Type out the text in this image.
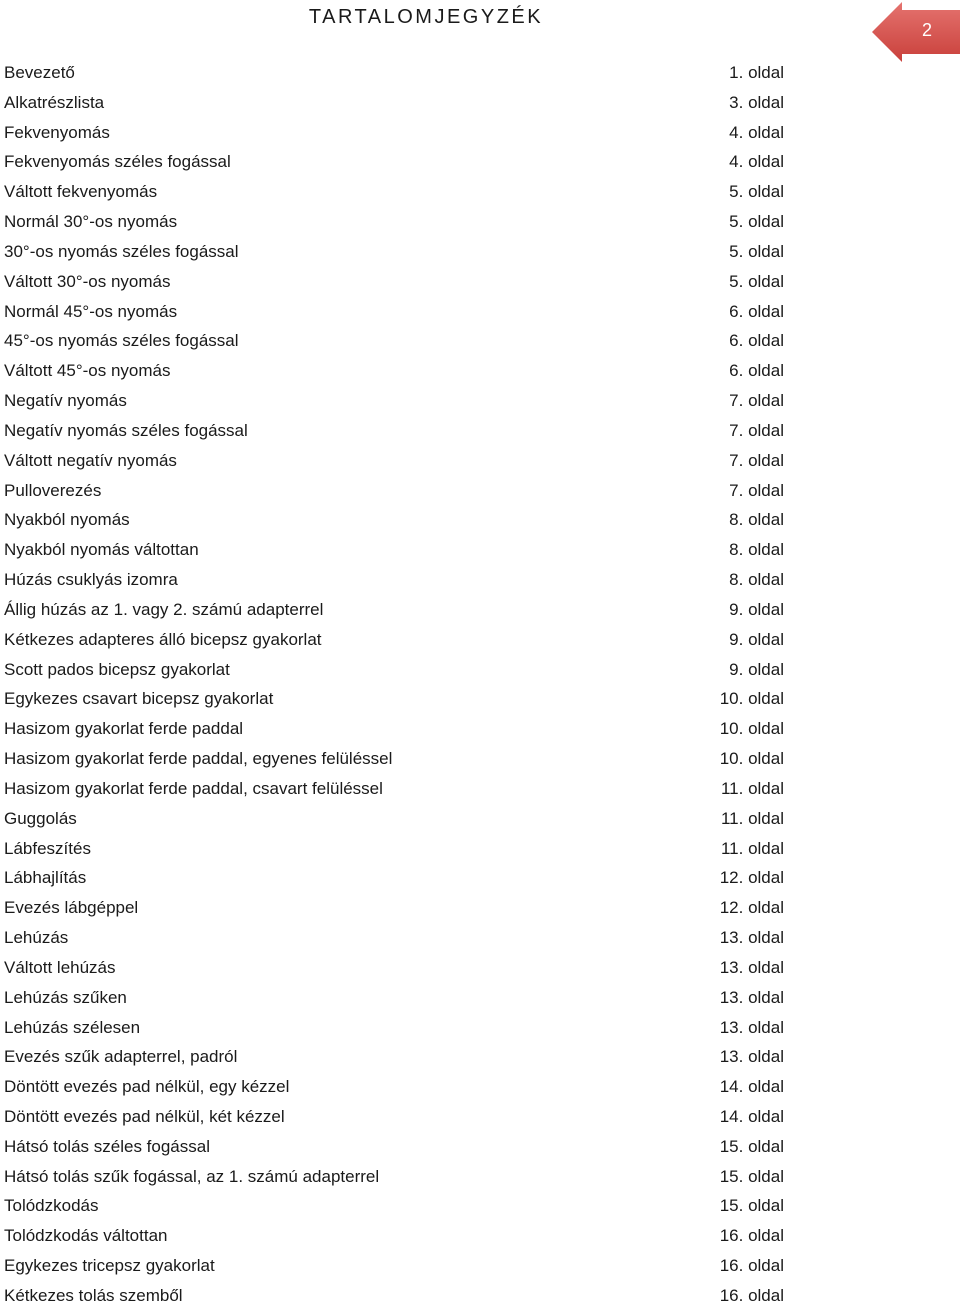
TARTALOMJEGYZÉK
2
Bevezető	1. oldal
Alkatrészlista	3. oldal
Fekvenyomás	4. oldal
Fekvenyomás széles fogással	4. oldal
Váltott fekvenyomás	5. oldal
Normál 30°-os nyomás	5. oldal
30°-os nyomás széles fogással	5. oldal
Váltott 30°-os nyomás	5. oldal
Normál 45°-os nyomás	6. oldal
45°-os nyomás széles fogással	6. oldal
Váltott 45°-os nyomás	6. oldal
Negatív nyomás	7. oldal
Negatív nyomás széles fogással	7. oldal
Váltott negatív nyomás	7. oldal
Pulloverezés	7. oldal
Nyakból nyomás	8. oldal
Nyakból nyomás váltottan	8. oldal
Húzás csuklyás izomra	8. oldal
Állig húzás az 1. vagy 2. számú adapterrel	9. oldal
Kétkezes adapteres álló bicepsz gyakorlat	9. oldal
Scott pados bicepsz gyakorlat	9. oldal
Egykezes csavart bicepsz gyakorlat	10. oldal
Hasizom gyakorlat ferde paddal	10. oldal
Hasizom gyakorlat ferde paddal, egyenes felüléssel	10. oldal
Hasizom gyakorlat ferde paddal, csavart felüléssel	11. oldal
Guggolás	11. oldal
Lábfeszítés	11. oldal
Lábhajlítás	12. oldal
Evezés lábgéppel	12. oldal
Lehúzás	13. oldal
Váltott lehúzás	13. oldal
Lehúzás szűken	13. oldal
Lehúzás szélesen	13. oldal
Evezés szűk adapterrel, padról	13. oldal
Döntött evezés pad nélkül, egy kézzel	14. oldal
Döntött evezés pad nélkül, két kézzel	14. oldal
Hátsó tolás széles fogással	15. oldal
Hátsó tolás szűk fogással, az 1. számú adapterrel	15. oldal
Tolódzkodás	15. oldal
Tolódzkodás váltottan	16. oldal
Egykezes tricepsz gyakorlat	16. oldal
Kétkezes tolás szemből	16. oldal
